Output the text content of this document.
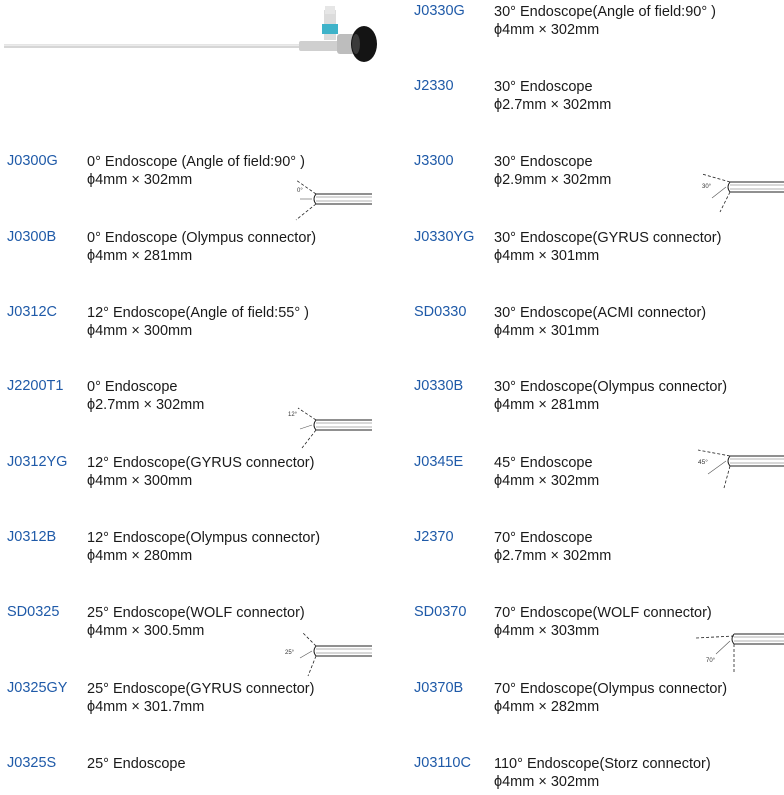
J0300G 0° Endoscope (Angle of field:90° )
ϕ4mm × 302mm
J0300B 0° Endoscope (Olympus connector)
ϕ4mm × 281mm
J0312C 12° Endoscope(Angle of field:55° )
ϕ4mm × 300mm
J2200T1 0° Endoscope
ϕ2.7mm × 302mm
J0312YG 12° Endoscope(GYRUS connector)
ϕ4mm × 300mm
J0312B 12° Endoscope(Olympus connector)
ϕ4mm × 280mm
SD0325 25° Endoscope(WOLF connector)
ϕ4mm × 300.5mm
J0325GY 25° Endoscope(GYRUS connector)
ϕ4mm × 301.7mm
J0325S 25° Endoscope
J0330G 30° Endoscope(Angle of field:90° )
ϕ4mm × 302mm
J2330	30° Endoscope
ϕ2.7mm × 302mm
J3300	30° Endoscope
ϕ2.9mm × 302mm
J0330YG 30° Endoscope(GYRUS connector)
ϕ4mm × 301mm
SD0330 30° Endoscope(ACMI connector)
ϕ4mm × 301mm
J0330B 30° Endoscope(Olympus connector)
ϕ4mm × 281mm
J0345E 45° Endoscope
ϕ4mm × 302mm
J2370	70° Endoscope
ϕ2.7mm × 302mm
SD0370 70° Endoscope(WOLF connector)
ϕ4mm × 303mm
J0370B 70° Endoscope(Olympus connector)
ϕ4mm × 282mm
J03110C 110° Endoscope(Storz connector)
ϕ4mm × 302mm
0°
12°
25°
30°
45°
70°
